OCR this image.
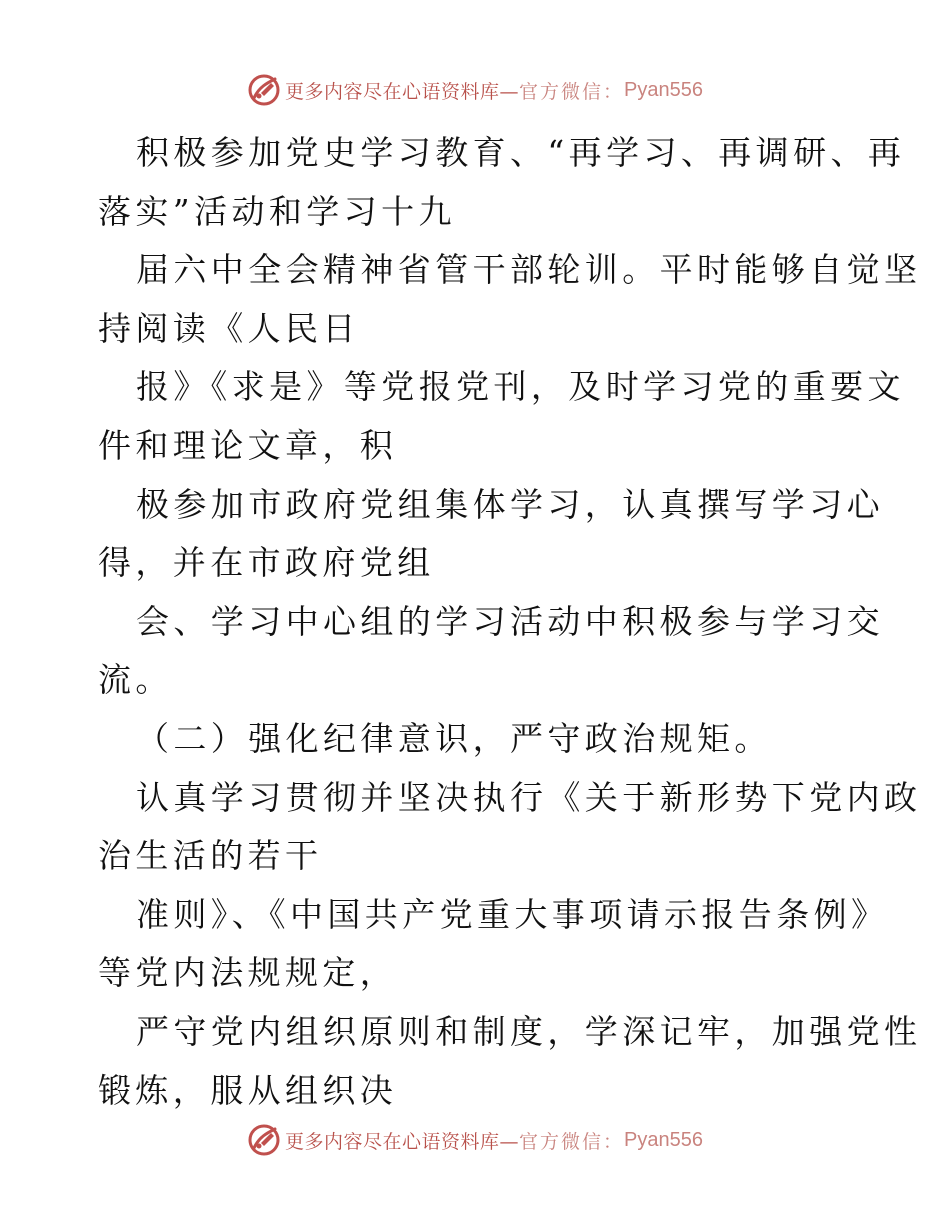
更多内容尽在心语资料库— 官方微信： Pyan556
积极参加党史学习教育、“再学习、再调研、再
落实”活动和学习十九
届六中全会精神省管干部轮训。平时能够自觉坚
持阅读《人民日
报》《求是》等党报党刊，及时学习党的重要文
件和理论文章，积
极参加市政府党组集体学习，认真撰写学习心
得，并在市政府党组
会、学习中心组的学习活动中积极参与学习交
流。
（二）强化纪律意识，严守政治规矩。
认真学习贯彻并坚决执行《关于新形势下党内政
治生活的若干
准则》、《中国共产党重大事项请示报告条例》
等党内法规规定，
严守党内组织原则和制度，学深记牢，加强党性
锻炼，服从组织决
更多内容尽在心语资料库— 官方微信： Pyan556
